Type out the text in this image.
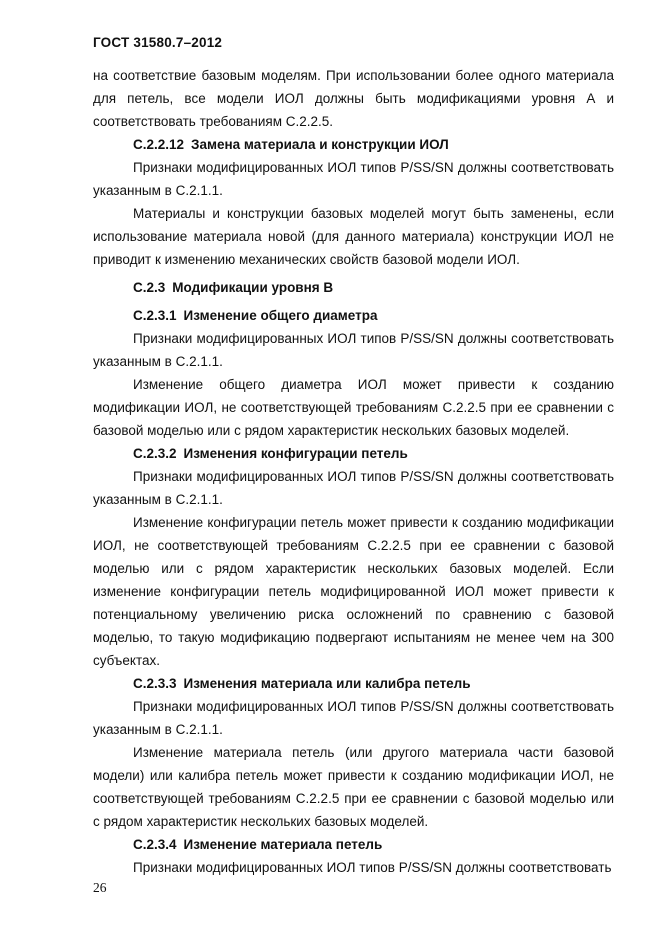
ГОСТ 31580.7–2012

на соответствие базовым моделям. При использовании более одного материала для петель, все модели ИОЛ должны быть модификациями уровня А и соответствовать требованиям С.2.2.5.

С.2.2.12 Замена материала и конструкции ИОЛ

Признаки модифицированных ИОЛ типов P/SS/SN должны соответствовать указанным в С.2.1.1.

Материалы и конструкции базовых моделей могут быть заменены, если использование материала новой (для данного материала) конструкции ИОЛ не приводит к изменению механических свойств базовой модели ИОЛ.

С.2.3 Модификации уровня В

С.2.3.1 Изменение общего диаметра

Признаки модифицированных ИОЛ типов P/SS/SN должны соответствовать указанным в С.2.1.1.

Изменение общего диаметра ИОЛ может привести к созданию модификации ИОЛ, не соответствующей требованиям С.2.2.5 при ее сравнении с базовой моделью или с рядом характеристик нескольких базовых моделей.

С.2.3.2 Изменения конфигурации петель

Признаки модифицированных ИОЛ типов P/SS/SN должны соответствовать указанным в С.2.1.1.

Изменение конфигурации петель может привести к созданию модификации ИОЛ, не соответствующей требованиям С.2.2.5 при ее сравнении с базовой моделью или с рядом характеристик нескольких базовых моделей. Если изменение конфигурации петель модифицированной ИОЛ может привести к потенциальному увеличению риска осложнений по сравнению с базовой моделью, то такую модификацию подвергают испытаниям не менее чем на 300 субъектах.

С.2.3.3 Изменения материала или калибра петель

Признаки модифицированных ИОЛ типов P/SS/SN должны соответствовать указанным в С.2.1.1.

Изменение материала петель (или другого материала части базовой модели) или калибра петель может привести к созданию модификации ИОЛ, не соответствующей требованиям С.2.2.5 при ее сравнении с базовой моделью или с рядом характеристик нескольких базовых моделей.

С.2.3.4 Изменение материала петель

Признаки модифицированных ИОЛ типов P/SS/SN должны соответствовать

26
